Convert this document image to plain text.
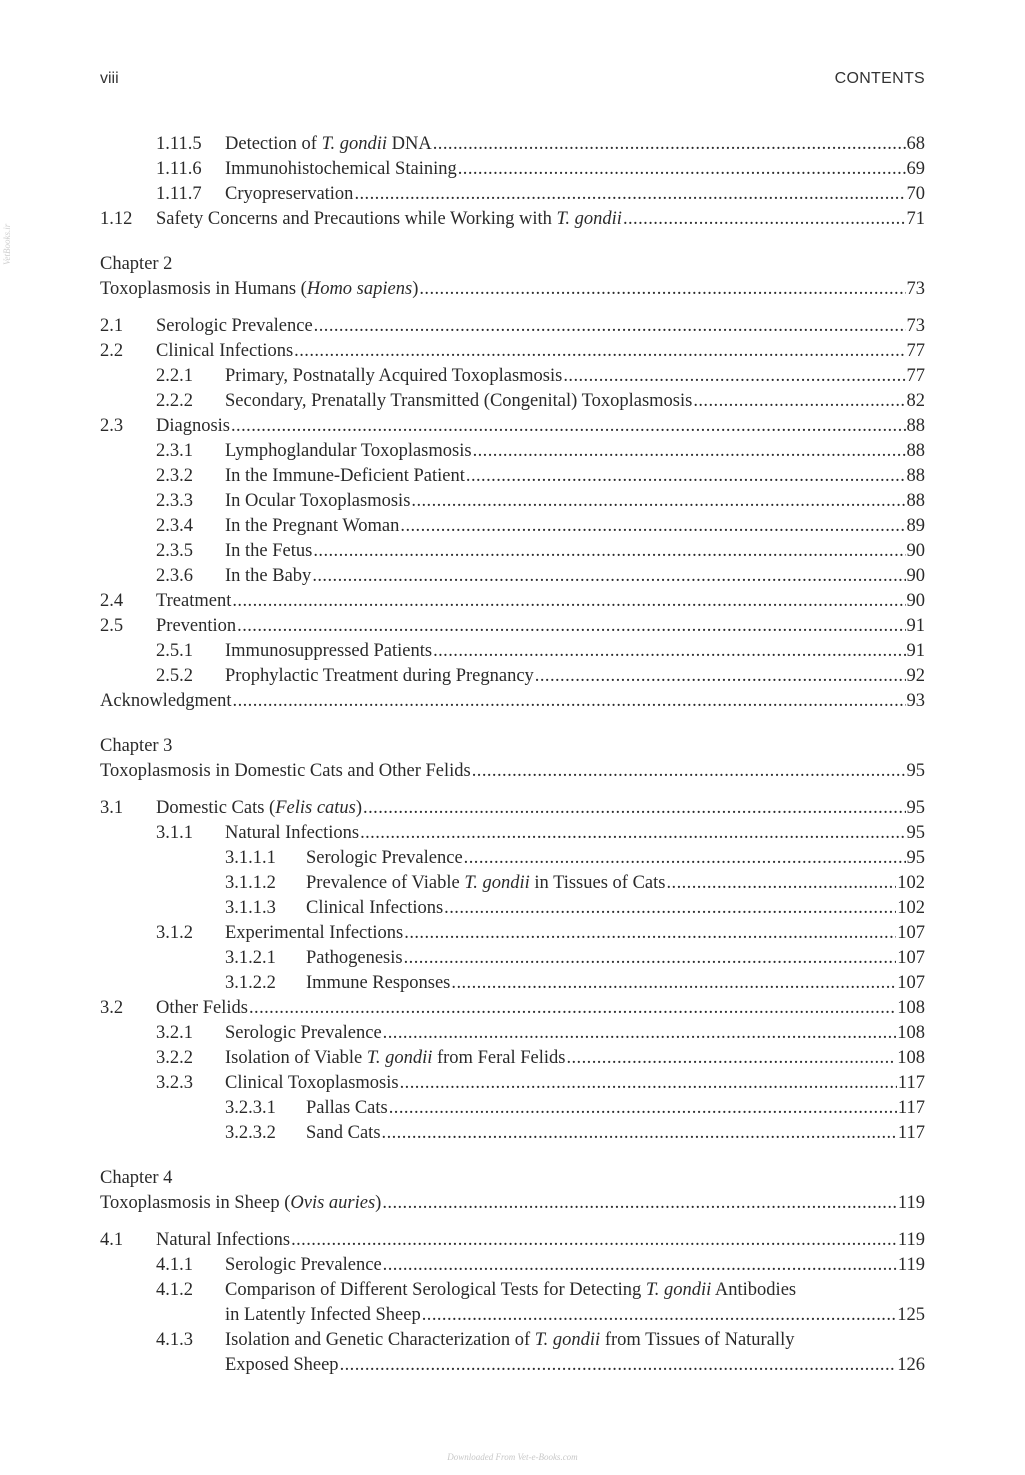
viii	CONTENTS
VetBooks.ir
1.11.5 Detection of T. gondii DNA . . .	68
1.11.6 Immunohistochemical Staining . . .	69
1.11.7 Cryopreservation . . .	70
1.12 Safety Concerns and Precautions while Working with T. gondii . . .	71
Chapter 2
Toxoplasmosis in Humans (Homo sapiens) . . .	73
2.1 Serologic Prevalence . . .	73
2.2 Clinical Infections . . .	77
2.2.1 Primary, Postnatally Acquired Toxoplasmosis . . .	77
2.2.2 Secondary, Prenatally Transmitted (Congenital) Toxoplasmosis . . .	82
2.3 Diagnosis . . .	88
2.3.1 Lymphoglandular Toxoplasmosis . . .	88
2.3.2 In the Immune-Deficient Patient . . .	88
2.3.3 In Ocular Toxoplasmosis . . .	88
2.3.4 In the Pregnant Woman . . .	89
2.3.5 In the Fetus . . .	90
2.3.6 In the Baby . . .	90
2.4 Treatment . . .	90
2.5 Prevention . . .	91
2.5.1 Immunosuppressed Patients . . .	91
2.5.2 Prophylactic Treatment during Pregnancy . . .	92
Acknowledgment . . .	93
Chapter 3
Toxoplasmosis in Domestic Cats and Other Felids . . .	95
3.1 Domestic Cats (Felis catus) . . .	95
3.1.1 Natural Infections . . .	95
3.1.1.1 Serologic Prevalence . . .	95
3.1.1.2 Prevalence of Viable T. gondii in Tissues of Cats . . .	102
3.1.1.3 Clinical Infections . . .	102
3.1.2 Experimental Infections . . .	107
3.1.2.1 Pathogenesis . . .	107
3.1.2.2 Immune Responses . . .	107
3.2 Other Felids . . .	108
3.2.1 Serologic Prevalence . . .	108
3.2.2 Isolation of Viable T. gondii from Feral Felids . . .	108
3.2.3 Clinical Toxoplasmosis . . .	117
3.2.3.1 Pallas Cats . . .	117
3.2.3.2 Sand Cats . . .	117
Chapter 4
Toxoplasmosis in Sheep (Ovis auries) . . .	119
4.1 Natural Infections . . .	119
4.1.1 Serologic Prevalence . . .	119
4.1.2 Comparison of Different Serological Tests for Detecting T. gondii Antibodies
in Latently Infected Sheep . . .	125
4.1.3 Isolation and Genetic Characterization of T. gondii from Tissues of Naturally
Exposed Sheep . . .	126
Downloaded From Vet-e-Books.com
